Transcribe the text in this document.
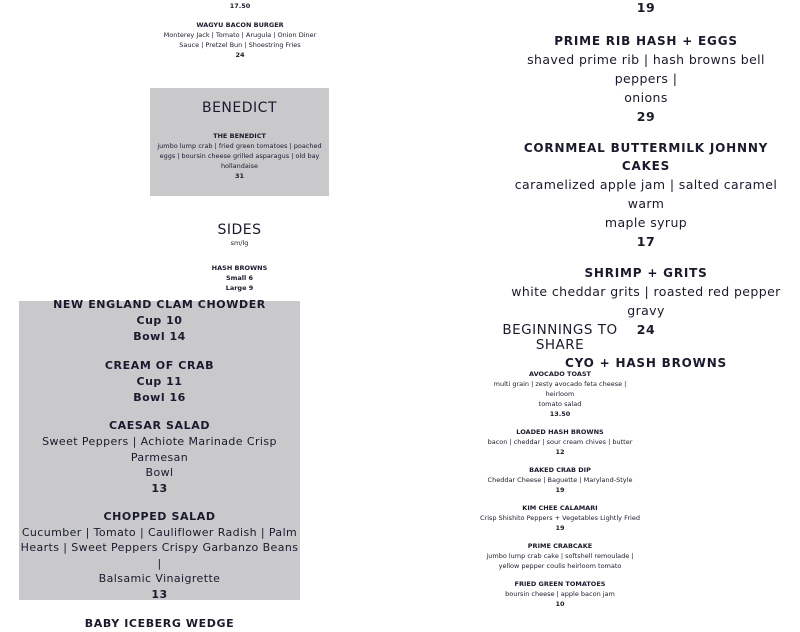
17.50
WAGYU BACON BURGER
Monterey Jack | Tomato | Arugula | Onion Diner
Sauce | Pretzel Bun | Shoestring Fries
24
BENEDICT
THE BENEDICT
jumbo lump crab | fried green tomatoes | poached
eggs | boursin cheese grilled asparagus | old bay
hollandaise
31
SIDES
sm/lg
HASH BROWNS
Small 6
Large 9
NEW ENGLAND CLAM CHOWDER
Cup 10
Bowl 14
CREAM OF CRAB
Cup 11
Bowl 16
CAESAR SALAD
Sweet Peppers | Achiote Marinade Crisp Parmesan
Bowl
13
CHOPPED SALAD
Cucumber | Tomato | Cauliflower Radish | Palm
Hearts | Sweet Peppers Crispy Garbanzo Beans |
Balsamic Vinaigrette
13
BABY ICEBERG WEDGE
19
PRIME RIB HASH + EGGS
shaved prime rib | hash browns bell peppers |
onions
29
CORNMEAL BUTTERMILK JOHNNY CAKES
caramelized apple jam | salted caramel warm
maple syrup
17
SHRIMP + GRITS
white cheddar grits | roasted red pepper gravy
24
CYO + HASH BROWNS
BEGINNINGS TO
SHARE
AVOCADO TOAST
multi grain | zesty avocado feta cheese | heirloom
tomato salad
13.50
LOADED HASH BROWNS
bacon | cheddar | sour cream chives | butter
12
BAKED CRAB DIP
Cheddar Cheese | Baguette | Maryland-Style
19
KIM CHEE CALAMARI
Crisp Shishito Peppers + Vegetables Lightly Fried
19
PRIME CRABCAKE
jumbo lump crab cake | softshell remoulade |
yellow pepper coulis heirloom tomato
FRIED GREEN TOMATOES
boursin cheese | apple bacon jam
10
